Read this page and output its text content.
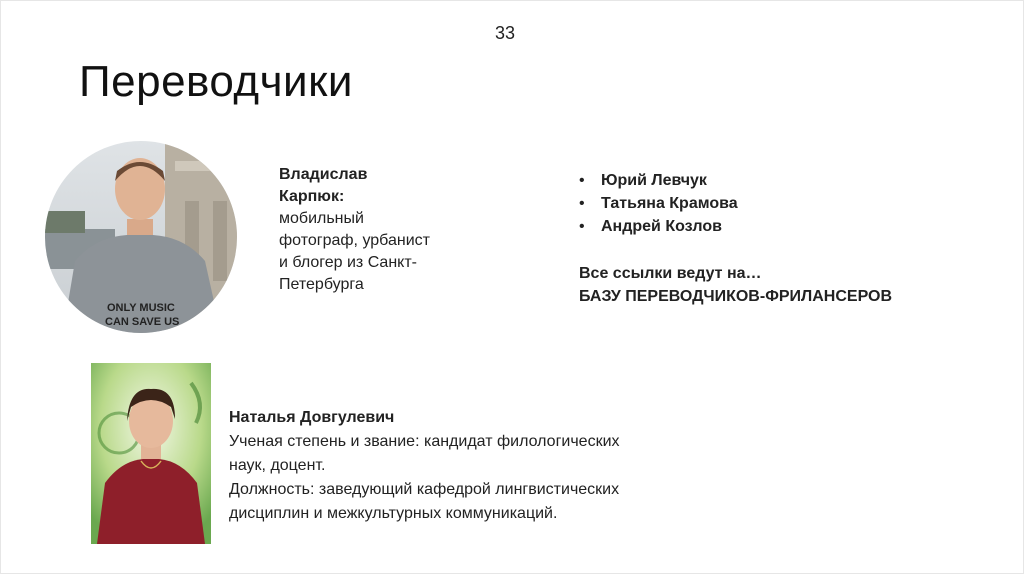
33
Переводчики
ONLY MUSIC
CAN SAVE US
Владислав
Карпюк:
мобильный
фотограф, урбанист
и блогер из Санкт-
Петербурга
• Юрий Левчук
• Татьяна Крамова
• Андрей Козлов
Все ссылки ведут на…
БАЗУ ПЕРЕВОДЧИКОВ-ФРИЛАНСЕРОВ
Наталья Довгулевич
Ученая степень и звание: кандидат филологических
наук, доцент.
Должность: заведующий кафедрой лингвистических
дисциплин и межкультурных коммуникаций.
